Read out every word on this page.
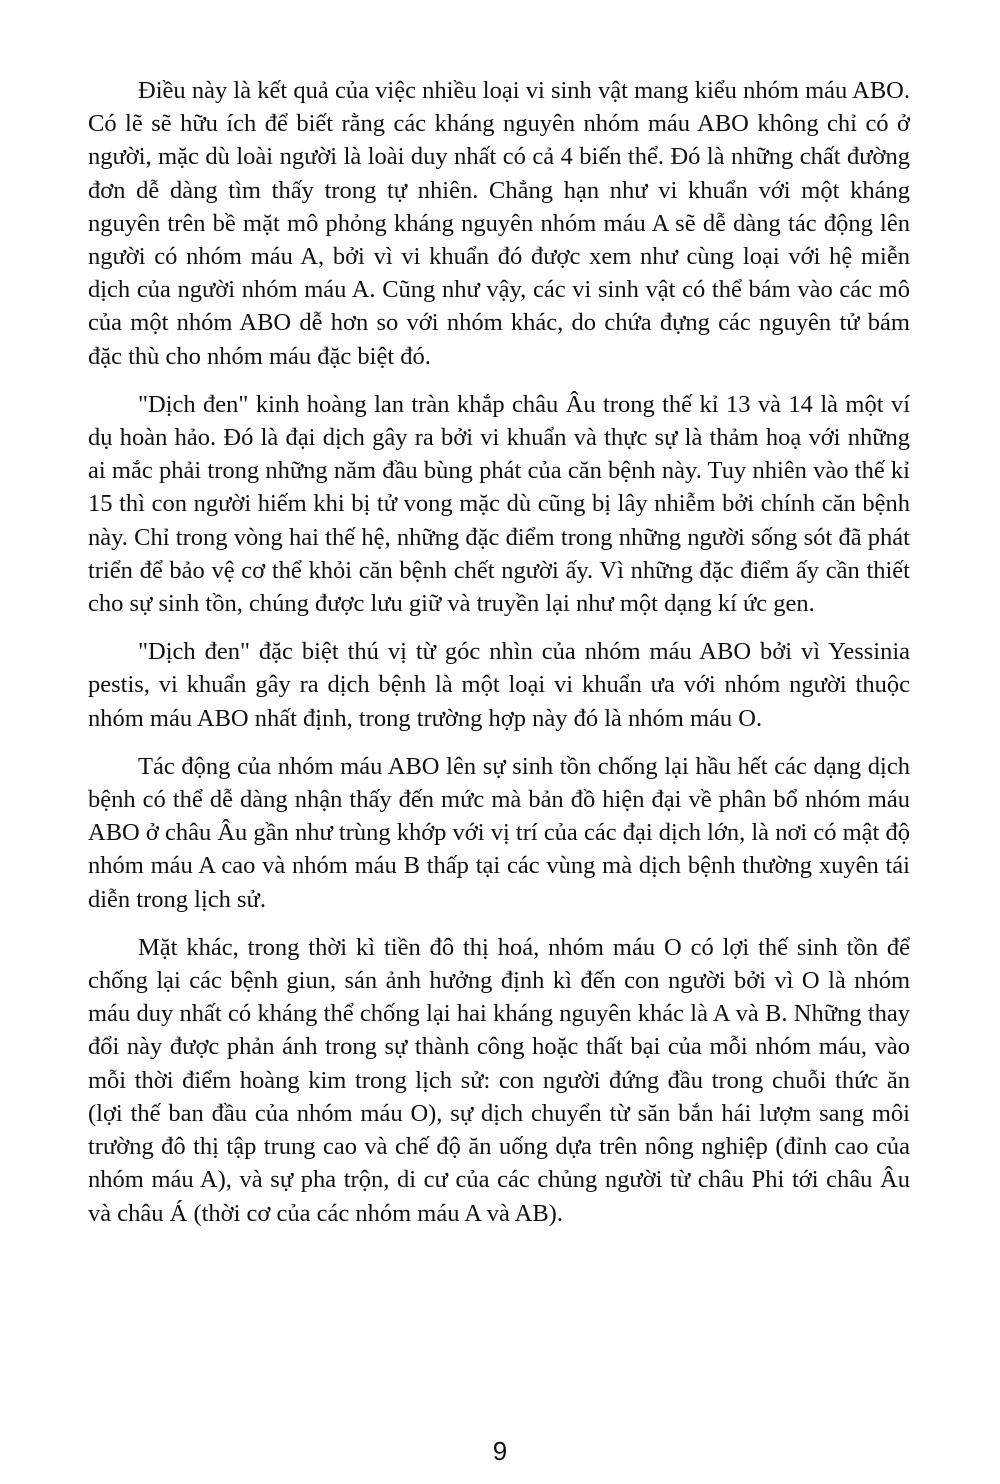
Điều này là kết quả của việc nhiều loại vi sinh vật mang kiểu nhóm máu ABO. Có lẽ sẽ hữu ích để biết rằng các kháng nguyên nhóm máu ABO không chỉ có ở người, mặc dù loài người là loài duy nhất có cả 4 biến thể. Đó là những chất đường đơn dễ dàng tìm thấy trong tự nhiên. Chẳng hạn như vi khuẩn với một kháng nguyên trên bề mặt mô phỏng kháng nguyên nhóm máu A sẽ dễ dàng tác động lên người có nhóm máu A, bởi vì vi khuẩn đó được xem như cùng loại với hệ miễn dịch của người nhóm máu A. Cũng như vậy, các vi sinh vật có thể bám vào các mô của một nhóm ABO dễ hơn so với nhóm khác, do chứa đựng các nguyên tử bám đặc thù cho nhóm máu đặc biệt đó.

"Dịch đen" kinh hoàng lan tràn khắp châu Âu trong thế kỉ 13 và 14 là một ví dụ hoàn hảo. Đó là đại dịch gây ra bởi vi khuẩn và thực sự là thảm hoạ với những ai mắc phải trong những năm đầu bùng phát của căn bệnh này. Tuy nhiên vào thế kỉ 15 thì con người hiếm khi bị tử vong mặc dù cũng bị lây nhiễm bởi chính căn bệnh này. Chỉ trong vòng hai thế hệ, những đặc điểm trong những người sống sót đã phát triển để bảo vệ cơ thể khỏi căn bệnh chết người ấy. Vì những đặc điểm ấy cần thiết cho sự sinh tồn, chúng được lưu giữ và truyền lại như một dạng kí ức gen.

"Dịch đen" đặc biệt thú vị từ góc nhìn của nhóm máu ABO bởi vì Yessinia pestis, vi khuẩn gây ra dịch bệnh là một loại vi khuẩn ưa với nhóm người thuộc nhóm máu ABO nhất định, trong trường hợp này đó là nhóm máu O.

Tác động của nhóm máu ABO lên sự sinh tồn chống lại hầu hết các dạng dịch bệnh có thể dễ dàng nhận thấy đến mức mà bản đồ hiện đại về phân bổ nhóm máu ABO ở châu Âu gần như trùng khớp với vị trí của các đại dịch lớn, là nơi có mật độ nhóm máu A cao và nhóm máu B thấp tại các vùng mà dịch bệnh thường xuyên tái diễn trong lịch sử.

Mặt khác, trong thời kì tiền đô thị hoá, nhóm máu O có lợi thế sinh tồn để chống lại các bệnh giun, sán ảnh hưởng định kì đến con người bởi vì O là nhóm máu duy nhất có kháng thể chống lại hai kháng nguyên khác là A và B. Những thay đổi này được phản ánh trong sự thành công hoặc thất bại của mỗi nhóm máu, vào mỗi thời điểm hoàng kim trong lịch sử: con người đứng đầu trong chuỗi thức ăn (lợi thế ban đầu của nhóm máu O), sự dịch chuyển từ săn bắn hái lượm sang môi trường đô thị tập trung cao và chế độ ăn uống dựa trên nông nghiệp (đỉnh cao của nhóm máu A), và sự pha trộn, di cư của các chủng người từ châu Phi tới châu Âu và châu Á (thời cơ của các nhóm máu A và AB).

9
